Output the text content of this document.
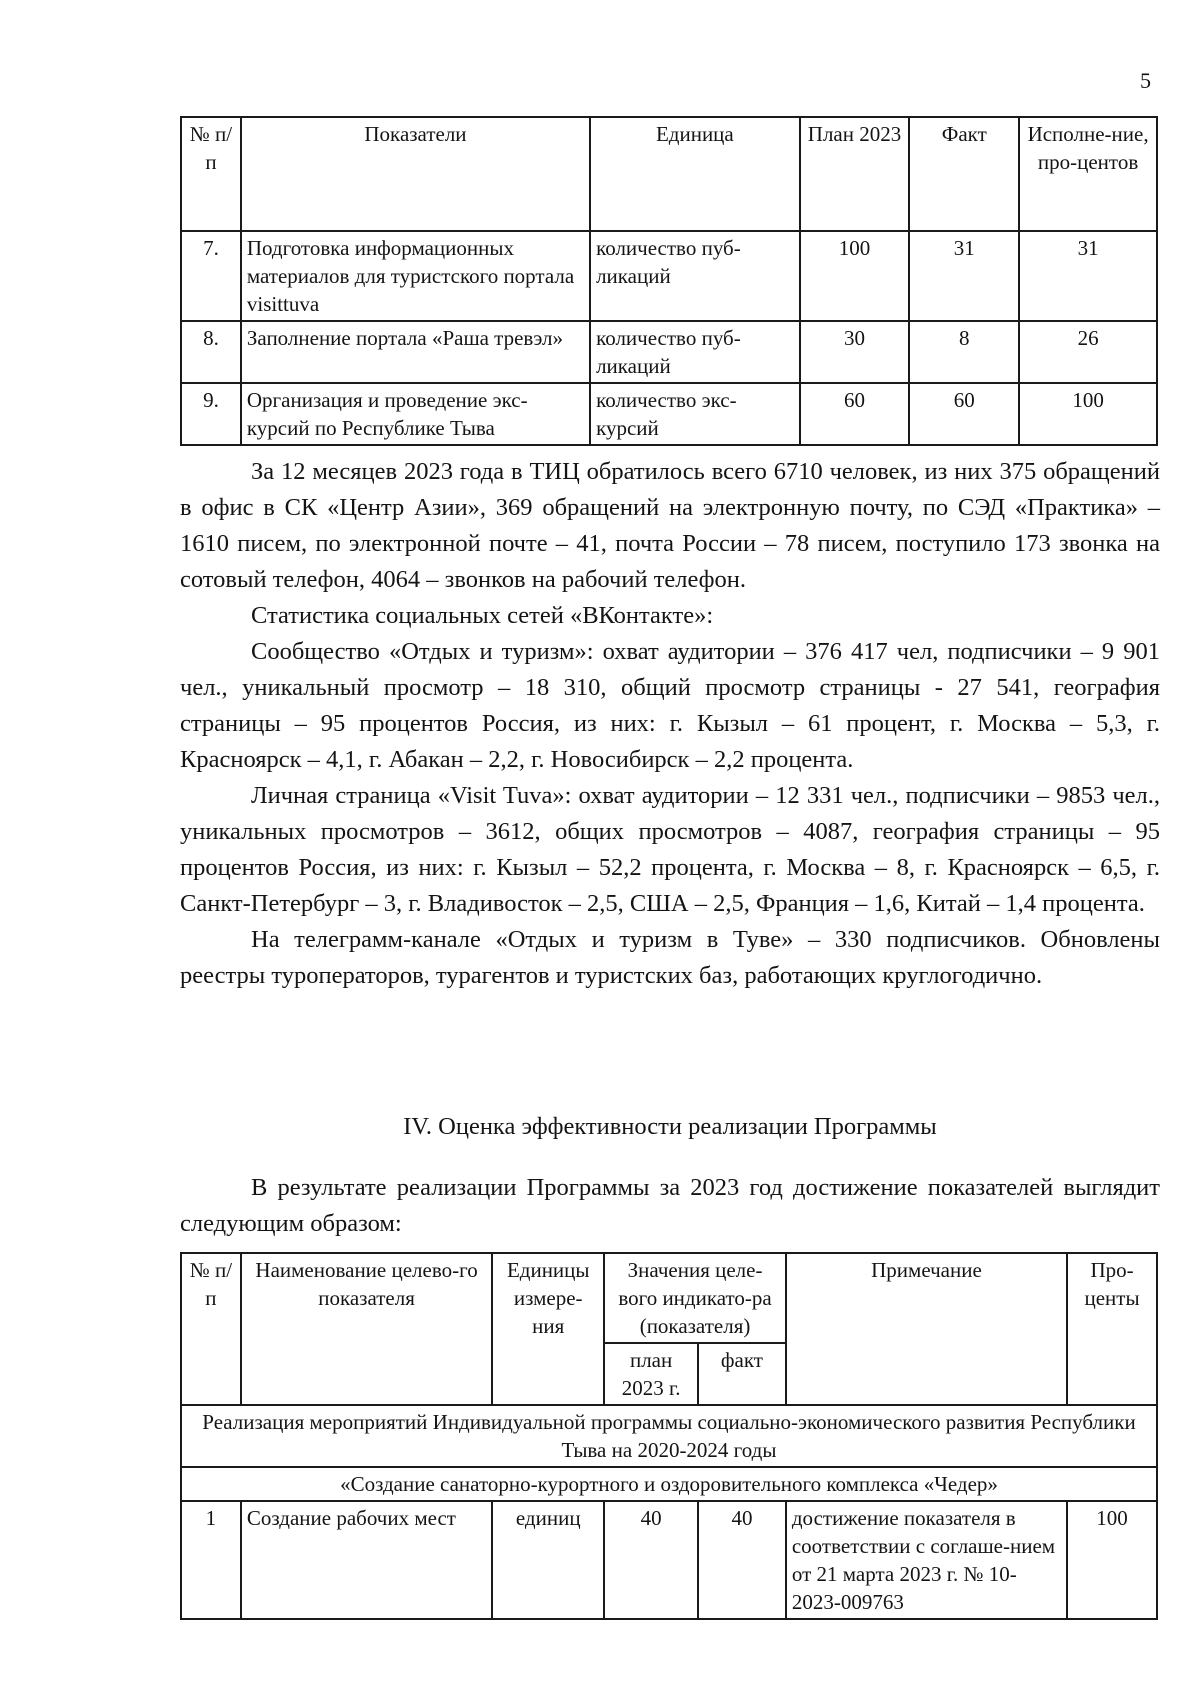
5
№ п/п	Показатели	Единица	План 2023	Факт	Исполне-ние, про-центов
7.	Подготовка информационных материалов для туристского портала visittuva	количество пуб-ликаций	100	31	31
8.	Заполнение портала «Раша тревэл»	количество пуб-ликаций	30	8	26
9.	Организация и проведение экс-курсий по Республике Тыва	количество экс-курсий	60	60	100

За 12 месяцев 2023 года в ТИЦ обратилось всего 6710 человек, из них 375 обращений в офис в СК «Центр Азии», 369 обращений на электронную почту, по СЭД «Практика» – 1610 писем, по электронной почте – 41, почта России – 78 писем, поступило 173 звонка на сотовый телефон, 4064 – звонков на рабочий телефон.

Статистика социальных сетей «ВКонтакте»:

Сообщество «Отдых и туризм»: охват аудитории – 376 417 чел, подписчики – 9 901 чел., уникальный просмотр – 18 310, общий просмотр страницы - 27 541, география страницы – 95 процентов Россия, из них: г. Кызыл – 61 процент, г. Москва – 5,3, г. Красноярск – 4,1, г. Абакан – 2,2, г. Новосибирск – 2,2 процента.

Личная страница «Visit Tuva»: охват аудитории – 12 331 чел., подписчики – 9853 чел., уникальных просмотров – 3612, общих просмотров – 4087, география страницы – 95 процентов Россия, из них: г. Кызыл – 52,2 процента, г. Москва – 8, г. Красноярск – 6,5, г. Санкт-Петербург – 3, г. Владивосток – 2,5, США – 2,5, Франция – 1,6, Китай – 1,4 процента.

На телеграмм-канале «Отдых и туризм в Туве» – 330 подписчиков. Обновлены реестры туроператоров, турагентов и туристских баз, работающих круглогодично.

IV. Оценка эффективности реализации Программы

В результате реализации Программы за 2023 год достижение показателей выглядит следующим образом:

№ п/п	Наименование целево-го показателя	Единицы измере-ния	Значения целе-вого индикато-ра (показателя)		Примечание	Про-центы
			план 2023 г.	факт		
Реализация мероприятий Индивидуальной программы социально-экономического развития Республики Тыва на 2020-2024 годы						
«Создание санаторно-курортного и оздоровительного комплекса «Чедер»						
1	Создание рабочих мест	единиц	40	40	достижение показателя в соответствии с соглаше-нием от 21 марта 2023 г. № 10-2023-009763	100
